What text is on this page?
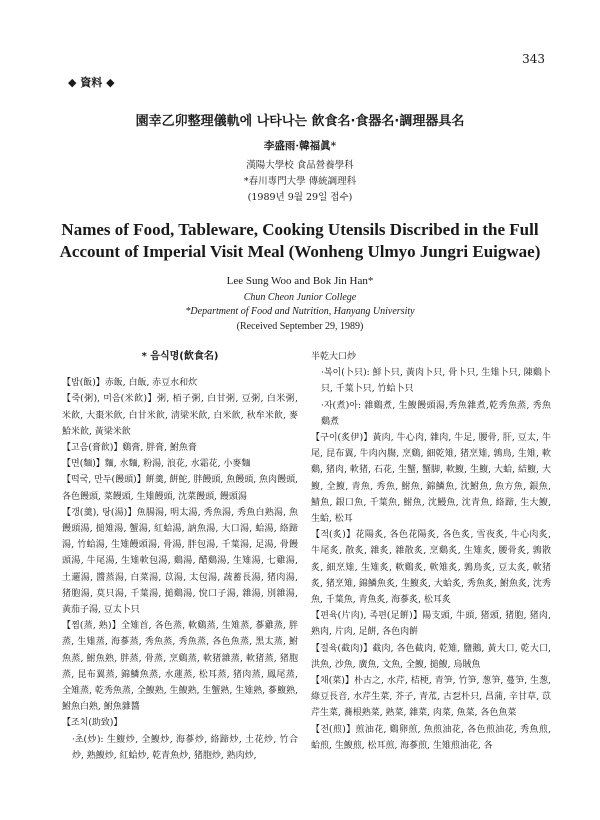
343
◆ 資料 ◆
園幸乙卯整理儀軌에 나타나는 飮食名·食器名·調理器具名
李盛雨·韓福眞*
漢陽大學校 食品營養學科
*春川專門大學 傳統調理科
(1989년 9월 29일 접수)
Names of Food, Tableware, Cooking Utensils Discribed in the Full
Account of Imperial Visit Meal (Wonheng Ulmyo Jungri Euigwae)
Lee Sung Woo and Bok Jin Han*
Chun Cheon Junior College
*Department of Food and Nutrition, Hanyang University
(Received September 29, 1989)
* 음식명(飮食名)

【밥(飯)】赤飯, 白飯, 赤豆水和炊

【죽(粥), 미음(米飮)】粥, 栢子粥, 白甘粥, 豆粥, 白米粥, 米飮, 大棗米飮, 白甘米飮, 淸梁米飮, 白米飮, 秋牟米飮, 麥鮯米飮, 黃梁米飮

【고음(膏飮)】鷄膏, 胖膏, 鮒魚膏

【면(麵)】麵, 水麵, 粉湯, 浪花, 水霜花, 小麥麵

【떡국, 만두(饅頭)】餠羹, 餠鮀, 胖饅頭, 魚饅頭, 魚肉饅頭, 各色饅頭, 菜饅頭, 生雉饅頭, 沈菜饅頭, 饅頭湯

【갱(羹), 탕(湯)】魚腸湯, 明太湯, 秀魚湯, 秀魚白熟湯, 魚饅頭湯, 搥雉湯, 蟹湯, 紅蛤湯, 訥魚湯, 大口湯, 蛤湯, 絡蹄湯, 竹蛤湯, 生雉饅頭湯, 骨湯, 胖包湯, 千葉湯, 足湯, 骨饅頭湯, 牛尾湯, 生雉軟包湯, 鷄湯, 醋鷄湯, 生雉湯, 七雞湯, 土邏湯, 醬蒸湯, 白菜湯, 苡湯, 太包湯, 蔬蓄長湯, 猪肉湯, 猪胞湯, 莫只湯, 千葉湯, 搥鷄湯, 悅口子湯, 雜湯, 別雜湯, 黃茄子湯, 豆太卜只

【찜(蒸, 熟)】全雉首, 各色蒸, 軟鷄蒸, 生雉蒸, 蔘雞蒸, 胖蒸, 生雉蒸, 海蔘蒸, 秀魚蒸, 秀魚蒸, 各色魚蒸, 黑太蒸, 鮒魚蒸, 鮒魚熟, 胖蒸, 骨蒸, 烹鷄蒸, 軟猪雜蒸, 軟猪蒸, 猪胞蒸, 昆布翼蒸, 錦鱗魚蒸, 水蓮蒸, 松耳蒸, 猪肉蒸, 鳳尾蒸, 全雉蒸, 乾秀魚蒸, 全鰒熟, 生鰒熟, 生蟹熟, 生雉熟, 蔘鰒熟, 鮒魚白熟, 鮒魚雜醬

【조치(助致)】

·초(炒): 生鰒炒, 全鰒炒, 海蔘炒, 絡蹄炒, 土花炒, 竹合炒, 熟鰒炒, 紅蛤炒, 乾青魚炒, 猪胞炒, 熟肉炒,

半乾大口炒

·복이(卜只): 鮮卜只, 黃肉卜只, 骨卜只, 生雉卜只, 陳鷄卜只, 千葉卜只, 竹蛤卜只

·자(煮)아: 雜鷄煮, 生鰒饅頭湯,秀魚雜煮,乾秀魚蒸, 秀魚鷄煮

【구이(炙伊)】黃肉, 牛心肉, 雜肉, 牛足, 腰骨, 肝, 豆太, 牛尾, 昆布翼, 牛肉內膓, 烹鷄, 細乾雉, 猪烹雉, 鶉鳥, 生雉, 軟鷄, 猪肉, 軟猪, 石花, 生蟹, 蟹脚, 軟鰒, 生鰒, 大蛤, 結鰒, 大鰒, 全鰒, 青魚, 秀魚, 鮒魚, 錦鱗魚, 沈鮒魚, 魚方魚, 銀魚, 鯖魚, 銀口魚, 千葉魚, 鮒魚, 沈鰻魚, 沈青魚, 絡蹄, 生大鰒, 生蛤, 松耳

【적(炙)】花陽炙, 各色花陽炙, 各色炙, 雪夜炙, 牛心肉炙, 牛尾炙, 散炙, 雜炙, 雜散炙, 烹鷄炙, 生雉炙, 腰骨炙, 鶉散炙, 細烹雉, 生雉炙, 軟鷄炙, 軟雉炙, 鶉鳥炙, 豆太炙, 軟猪炙, 猪烹雉, 錦鱗魚炙, 生鰒炙, 大蛤炙, 秀魚炙, 鮒魚炙, 沈秀魚, 千葉魚, 青魚炙, 海蔘炙, 松耳炙

【편육(片肉), 족편(足餠)】陽支頭, 牛頭, 猪頭, 猪胞, 猪肉, 熟肉, 片肉, 足餠, 各色肉餠

【절육(截肉)】截肉, 各色截肉, 乾雉, 鹽鵝, 黃大口, 乾大口, 洪魚, 沙魚, 廣魚, 文魚, 全鰒, 搥鰒, 烏賊魚

【채(菜)】朴古之, 水芹, 桔梗, 青笋, 竹笋, 葱笋, 蔓笋, 生葱, 綠豆長音, 水芹生菜, 芥子, 青苽, 古乭朴只, 昌蒲, 辛甘草, 苡芹生菜, 蕎根熟菜, 熟菜, 雜菜, 肉菜, 魚菜, 各色魚菜

【전(煎)】煎油花, 鷄卵煎, 魚煎油花, 各色煎油花, 秀魚煎, 蛤煎, 生鰒煎, 松耳煎, 海蔘煎, 生雉煎油花, 各
